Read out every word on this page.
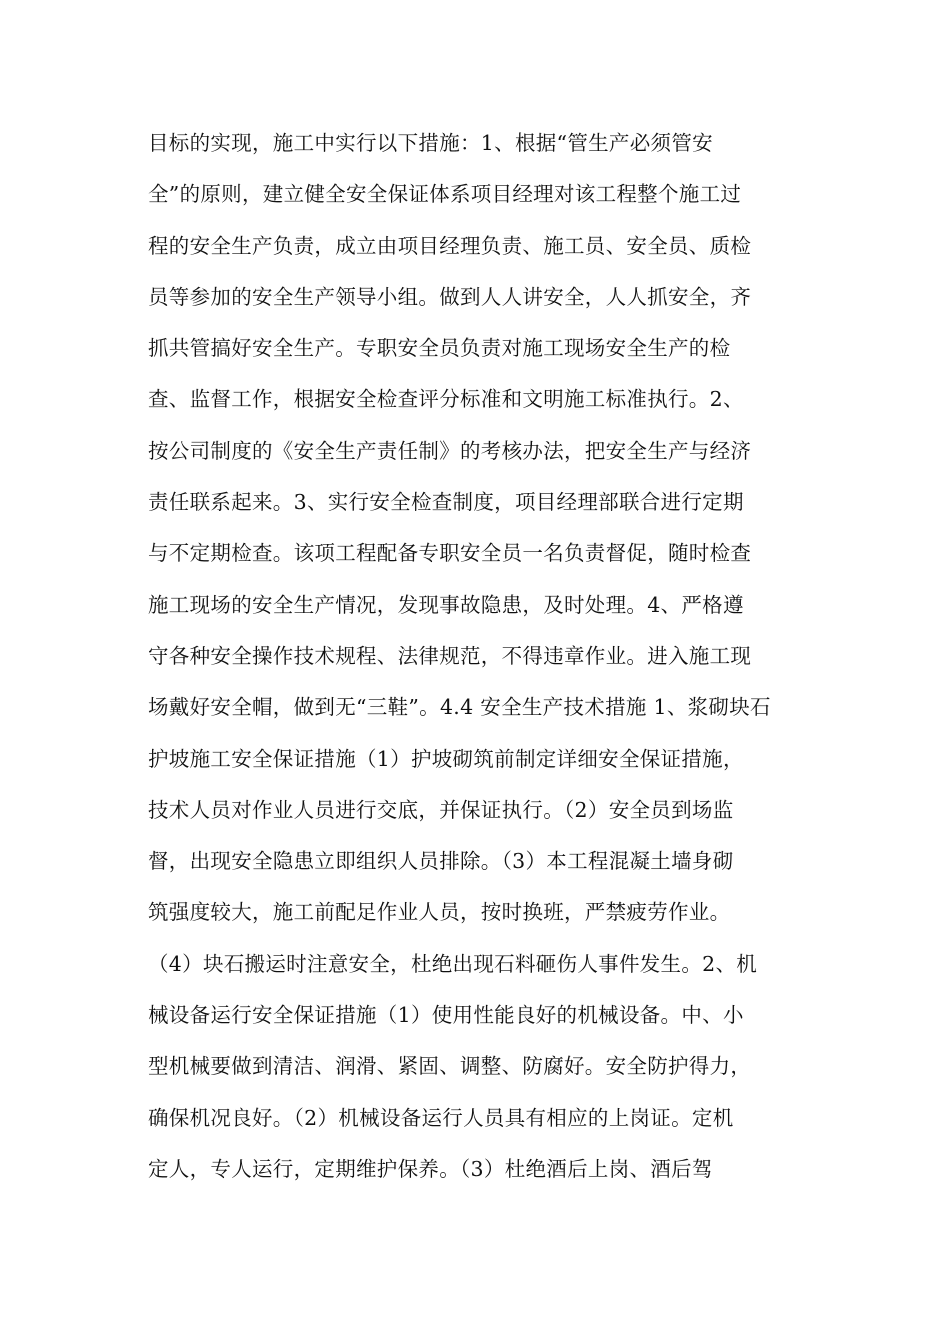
目标的实现，施工中实行以下措施：1、根据“管生产必须管安
全”的原则，建立健全安全保证体系项目经理对该工程整个施工过
程的安全生产负责，成立由项目经理负责、施工员、安全员、质检
员等参加的安全生产领导小组。做到人人讲安全，人人抓安全，齐
抓共管搞好安全生产。专职安全员负责对施工现场安全生产的检
查、监督工作，根据安全检查评分标准和文明施工标准执行。2、
按公司制度的《安全生产责任制》的考核办法，把安全生产与经济
责任联系起来。3、实行安全检查制度，项目经理部联合进行定期
与不定期检查。该项工程配备专职安全员一名负责督促，随时检查
施工现场的安全生产情况，发现事故隐患，及时处理。4、严格遵
守各种安全操作技术规程、法律规范，不得违章作业。进入施工现
场戴好安全帽，做到无“三鞋”。4.4 安全生产技术措施 1、浆砌块石
护坡施工安全保证措施（1）护坡砌筑前制定详细安全保证措施，
技术人员对作业人员进行交底，并保证执行。（2）安全员到场监
督，出现安全隐患立即组织人员排除。（3）本工程混凝土墙身砌
筑强度较大，施工前配足作业人员，按时换班，严禁疲劳作业。
（4）块石搬运时注意安全，杜绝出现石料砸伤人事件发生。2、机
械设备运行安全保证措施（1）使用性能良好的机械设备。中、小
型机械要做到清洁、润滑、紧固、调整、防腐好。安全防护得力，
确保机况良好。（2）机械设备运行人员具有相应的上岗证。定机
定人，专人运行，定期维护保养。（3）杜绝酒后上岗、酒后驾
